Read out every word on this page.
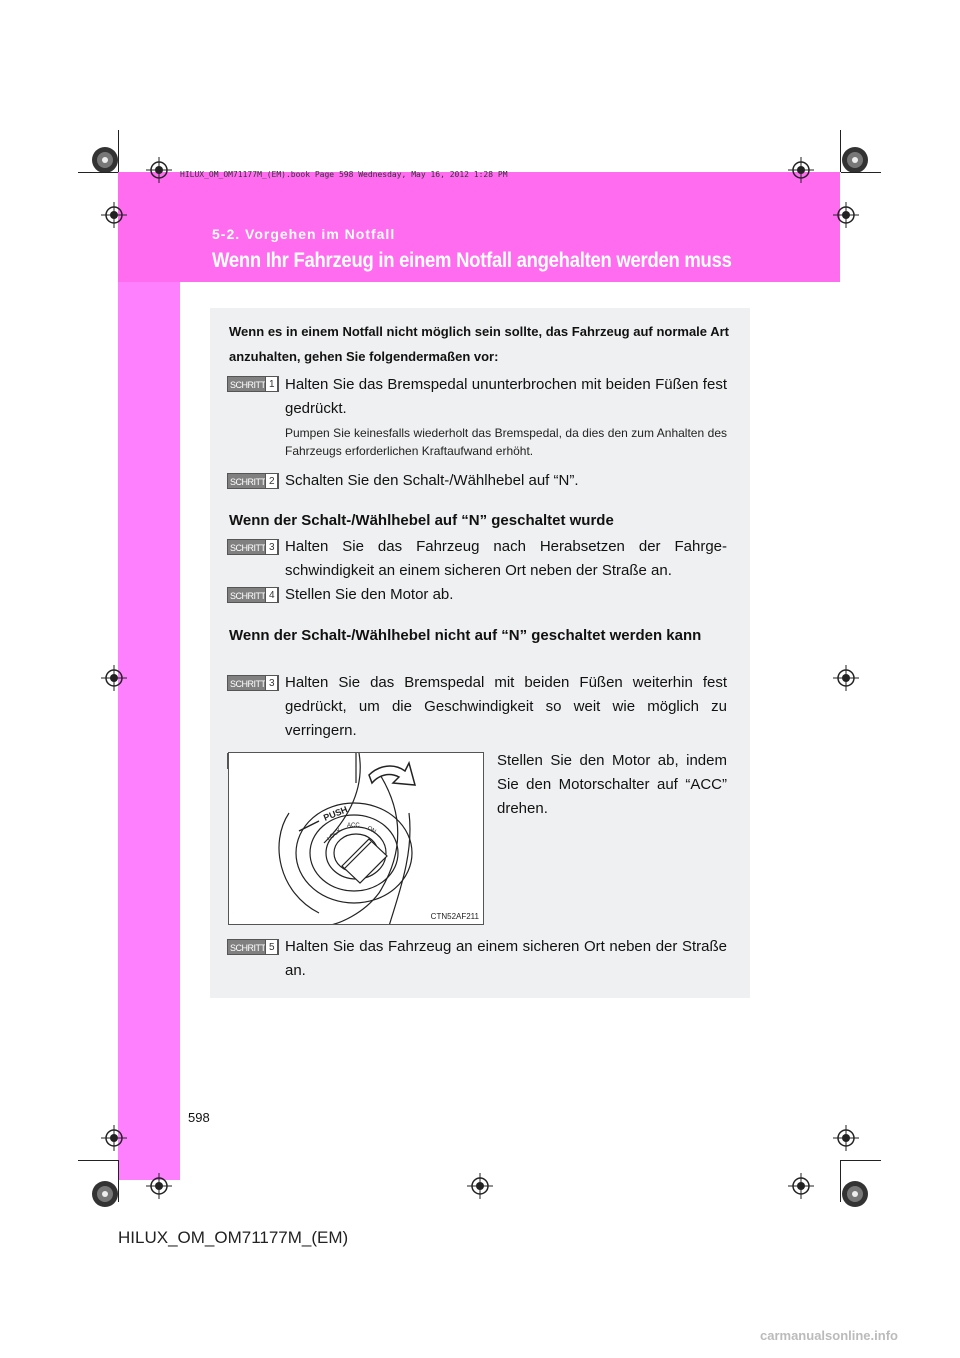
HILUX_OM_OM71177M_(EM).book Page 598 Wednesday, May 16, 2012 1:28 PM
5-2. Vorgehen im Notfall
Wenn Ihr Fahrzeug in einem Notfall angehalten werden muss
Wenn es in einem Notfall nicht möglich sein sollte, das Fahrzeug auf normale Art anzuhalten, gehen Sie folgendermaßen vor:
SCHRITT 1 Halten Sie das Bremspedal ununterbrochen mit beiden Füßen fest gedrückt.
Pumpen Sie keinesfalls wiederholt das Bremspedal, da dies den zum Anhalten des Fahrzeugs erforderlichen Kraftaufwand erhöht.
SCHRITT 2 Schalten Sie den Schalt-/Wählhebel auf “N”.
Wenn der Schalt-/Wählhebel auf “N” geschaltet wurde
SCHRITT 3 Halten Sie das Fahrzeug nach Herabsetzen der Fahrge-schwindigkeit an einem sicheren Ort neben der Straße an.
SCHRITT 4 Stellen Sie den Motor ab.
Wenn der Schalt-/Wählhebel nicht auf “N” geschaltet werden kann
SCHRITT 3 Halten Sie das Bremspedal mit beiden Füßen weiterhin fest gedrückt, um die Geschwindigkeit so weit wie möglich zu verringern.
PUSH
LOCK
ACC ON
CTN52AF211
Stellen Sie den Motor ab, indem Sie den Motorschalter auf “ACC” drehen.
SCHRITT 5 Halten Sie das Fahrzeug an einem sicheren Ort neben der Straße an.
598
HILUX_OM_OM71177M_(EM)
carmanualsonline.info
